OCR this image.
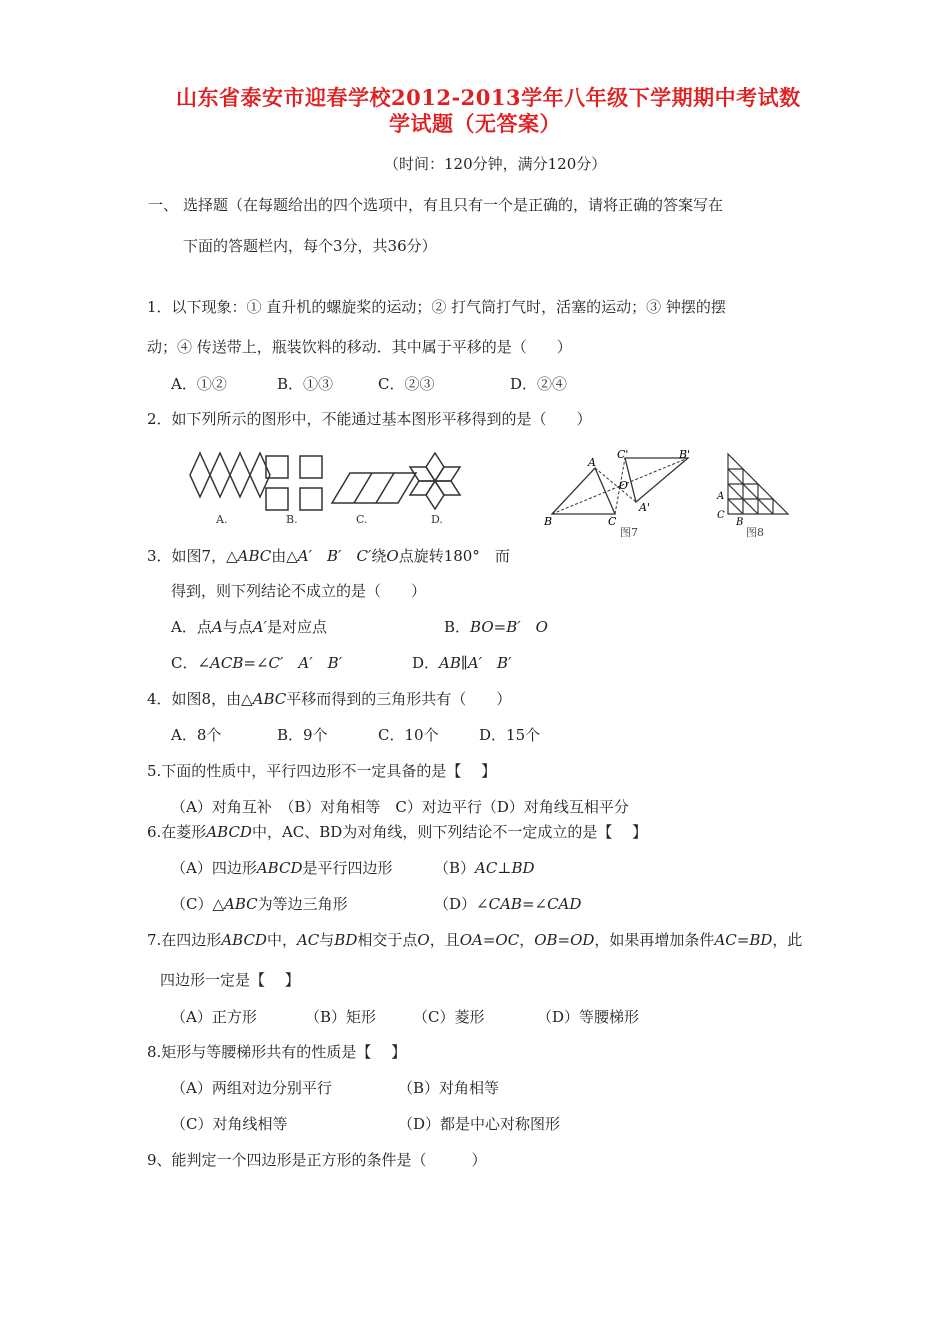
山东省泰安市迎春学校2012-2013学年八年级下学期期中考试数
学试题（无答案）
（时间：120分钟，满分120分）
一、 选择题（在每题给出的四个选项中，有且只有一个是正确的，请将正确的答案写在
下面的答题栏内，每个3分，共36分）
1．以下现象：① 直升机的螺旋桨的运动；② 打气筒打气时，活塞的运动；③ 钟摆的摆
动；④ 传送带上，瓶装饮料的移动．其中属于平移的是（　　）
A．①②	B．①③	C．②③	D．②④
2．如下列所示的图形中，不能通过基本图形平移得到的是（　　）
A.	B.	C.	D.
A
B	C
O
A'
B'
C'
图7
A
C
B
图8
3．如图7，△ABC由△A′　B′　C′绕O点旋转180°　而
得到，则下列结论不成立的是（　　）
A．点A与点A′是对应点	B．BO=B′　O
C．∠ACB=∠C′　A′　B′	D．AB∥A′　B′
4．如图8，由△ABC平移而得到的三角形共有（　　）
A．8个	B．9个	C．10个	D．15个
5.下面的性质中，平行四边形不一定具备的是【　 】
（A）对角互补　（B）对角相等　C）对边平行（D）对角线互相平分
6.在菱形ABCD中，AC、BD为对角线，则下列结论不一定成立的是【　 】
（A）四边形ABCD是平行四边形	（B）AC⊥BD
（C）△ABC为等边三角形	（D）∠CAB=∠CAD
7.在四边形ABCD中，AC与BD相交于点O，且OA=OC，OB=OD，如果再增加条件AC=BD，此
四边形一定是【　 】
（A）正方形	（B）矩形 （C）菱形	（D）等腰梯形
8.矩形与等腰梯形共有的性质是【　 】
（A）两组对边分别平行	（B）对角相等
（C）对角线相等	（D）都是中心对称图形
9、能判定一个四边形是正方形的条件是（　　　）
